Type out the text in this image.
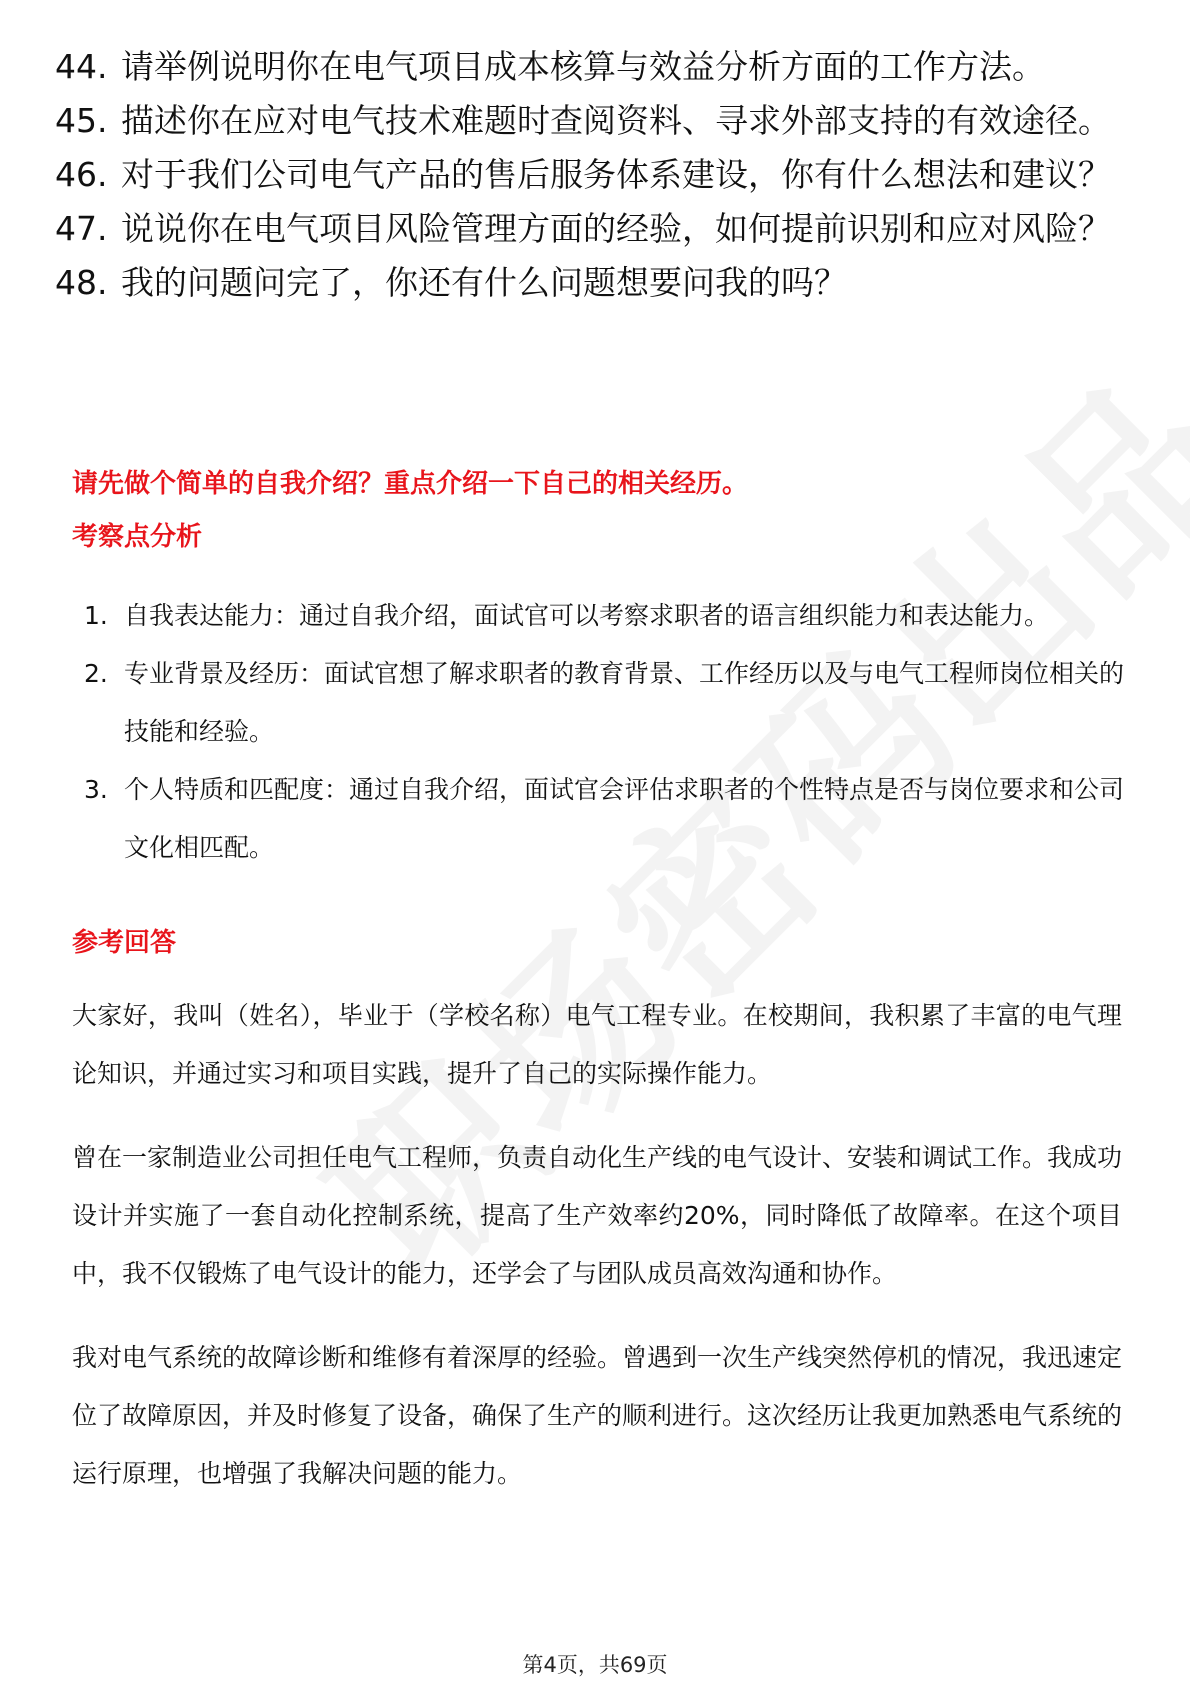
44. 请举例说明你在电气项目成本核算与效益分析方面的工作方法。
45. 描述你在应对电气技术难题时查阅资料、寻求外部支持的有效途径。
46. 对于我们公司电气产品的售后服务体系建设，你有什么想法和建议？
47. 说说你在电气项目风险管理方面的经验，如何提前识别和应对风险？
48. 我的问题问完了，你还有什么问题想要问我的吗？
请先做个简单的自我介绍？重点介绍一下自己的相关经历。
考察点分析
1. 自我表达能力：通过自我介绍，面试官可以考察求职者的语言组织能力和表达能力。
2. 专业背景及经历：面试官想了解求职者的教育背景、工作经历以及与电气工程师岗位相关的技能和经验。
3. 个人特质和匹配度：通过自我介绍，面试官会评估求职者的个性特点是否与岗位要求和公司文化相匹配。
参考回答

大家好，我叫（姓名），毕业于（学校名称）电气工程专业。在校期间，我积累了丰富的电气理论知识，并通过实习和项目实践，提升了自己的实际操作能力。

曾在一家制造业公司担任电气工程师，负责自动化生产线的电气设计、安装和调试工作。我成功设计并实施了一套自动化控制系统，提高了生产效率约20%，同时降低了故障率。在这个项目中，我不仅锻炼了电气设计的能力，还学会了与团队成员高效沟通和协作。

我对电气系统的故障诊断和维修有着深厚的经验。曾遇到一次生产线突然停机的情况，我迅速定位了故障原因，并及时修复了设备，确保了生产的顺利进行。这次经历让我更加熟悉电气系统的运行原理，也增强了我解决问题的能力。

第4页，共69页
